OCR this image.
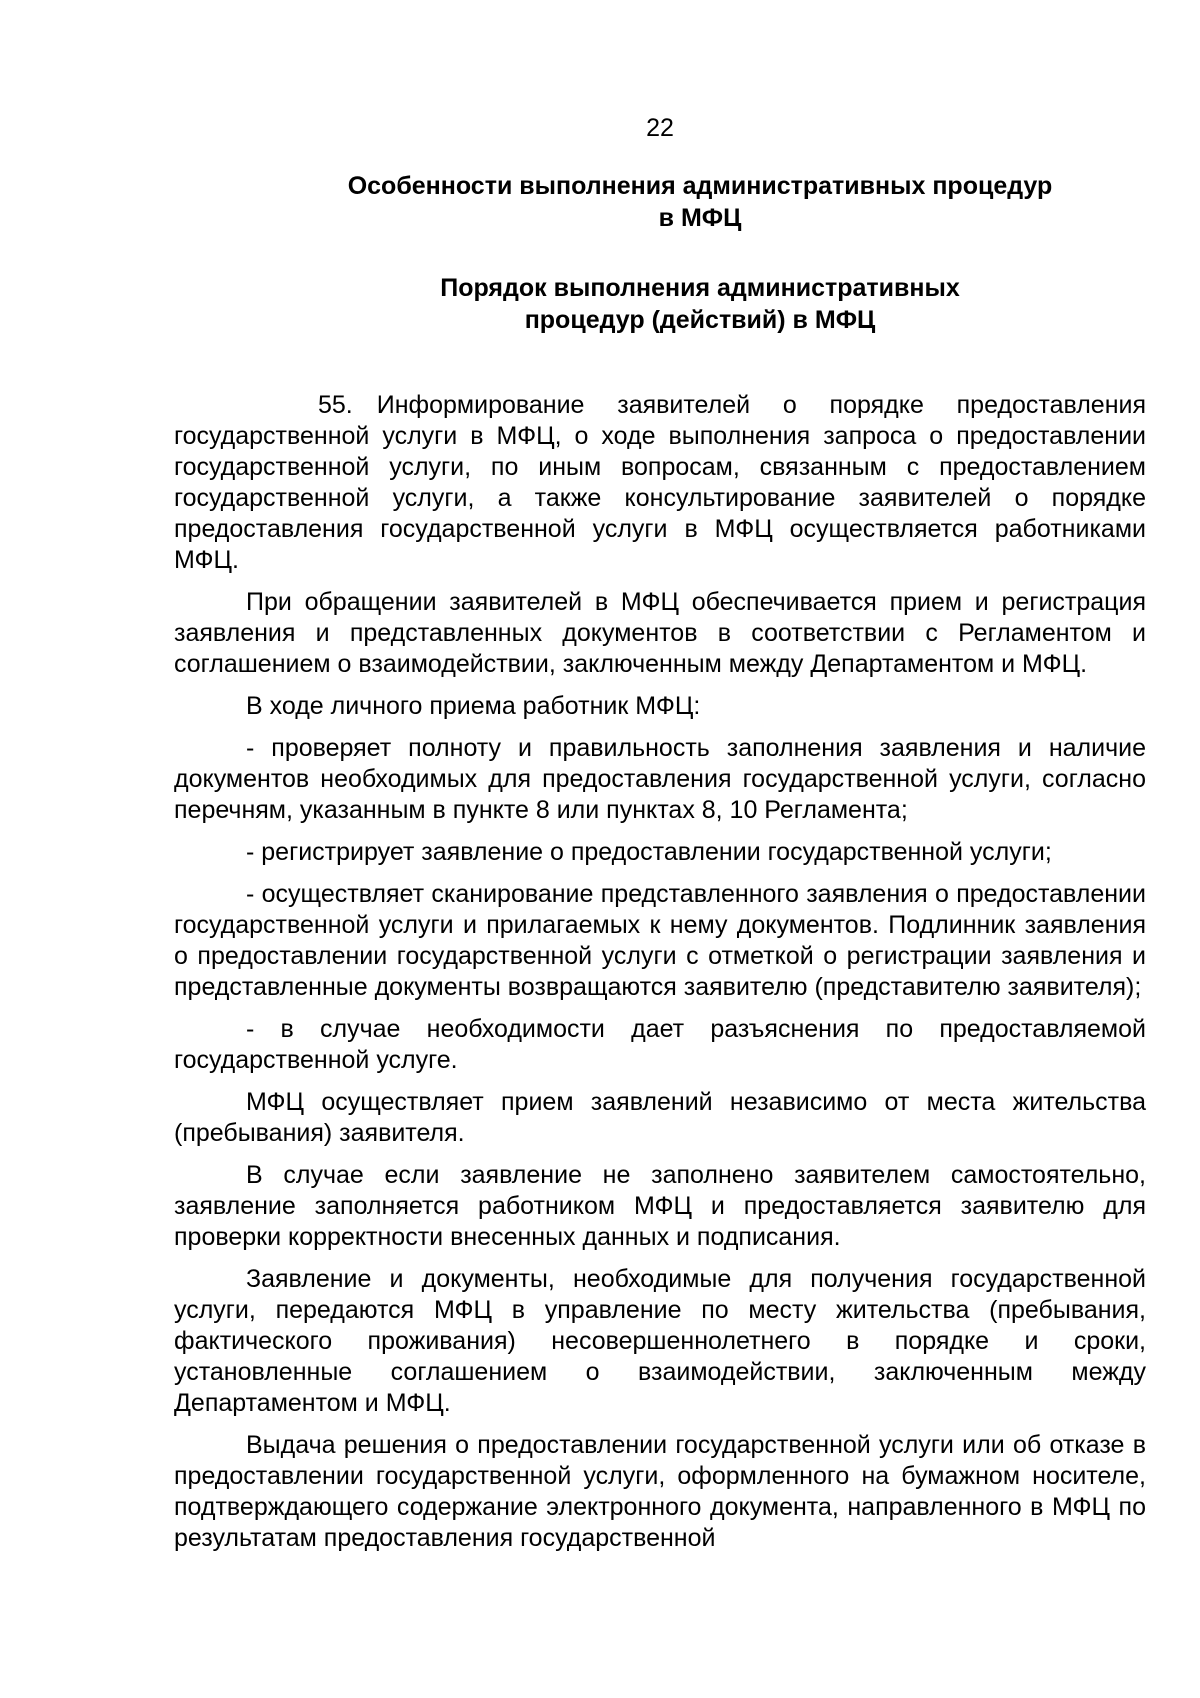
22
Особенности выполнения административных процедур
в МФЦ
Порядок выполнения административных
процедур (действий) в МФЦ

55. Информирование заявителей о порядке предоставления государственной услуги в МФЦ, о ходе выполнения запроса о предоставлении государственной услуги, по иным вопросам, связанным с предоставлением государственной услуги, а также консультирование заявителей о порядке предоставления государственной услуги в МФЦ осуществляется работниками МФЦ.

При обращении заявителей в МФЦ обеспечивается прием и регистрация заявления и представленных документов в соответствии с Регламентом и соглашением о взаимодействии, заключенным между Департаментом и МФЦ.

В ходе личного приема работник МФЦ:

- проверяет полноту и правильность заполнения заявления и наличие документов необходимых для предоставления государственной услуги, согласно перечням, указанным в пункте 8 или пунктах 8, 10 Регламента;

- регистрирует заявление о предоставлении государственной услуги;

- осуществляет сканирование представленного заявления о предоставлении государственной услуги и прилагаемых к нему документов. Подлинник заявления о предоставлении государственной услуги с отметкой о регистрации заявления и представленные документы возвращаются заявителю (представителю заявителя);

- в случае необходимости дает разъяснения по предоставляемой государственной услуге.

МФЦ осуществляет прием заявлений независимо от места жительства (пребывания) заявителя.

В случае если заявление не заполнено заявителем самостоятельно, заявление заполняется работником МФЦ и предоставляется заявителю для проверки корректности внесенных данных и подписания.

Заявление и документы, необходимые для получения государственной услуги, передаются МФЦ в управление по месту жительства (пребывания, фактического проживания) несовершеннолетнего в порядке и сроки, установленные соглашением о взаимодействии, заключенным между Департаментом и МФЦ.

Выдача решения о предоставлении государственной услуги или об отказе в предоставлении государственной услуги, оформленного на бумажном носителе, подтверждающего содержание электронного документа, направленного в МФЦ по результатам предоставления государственной
